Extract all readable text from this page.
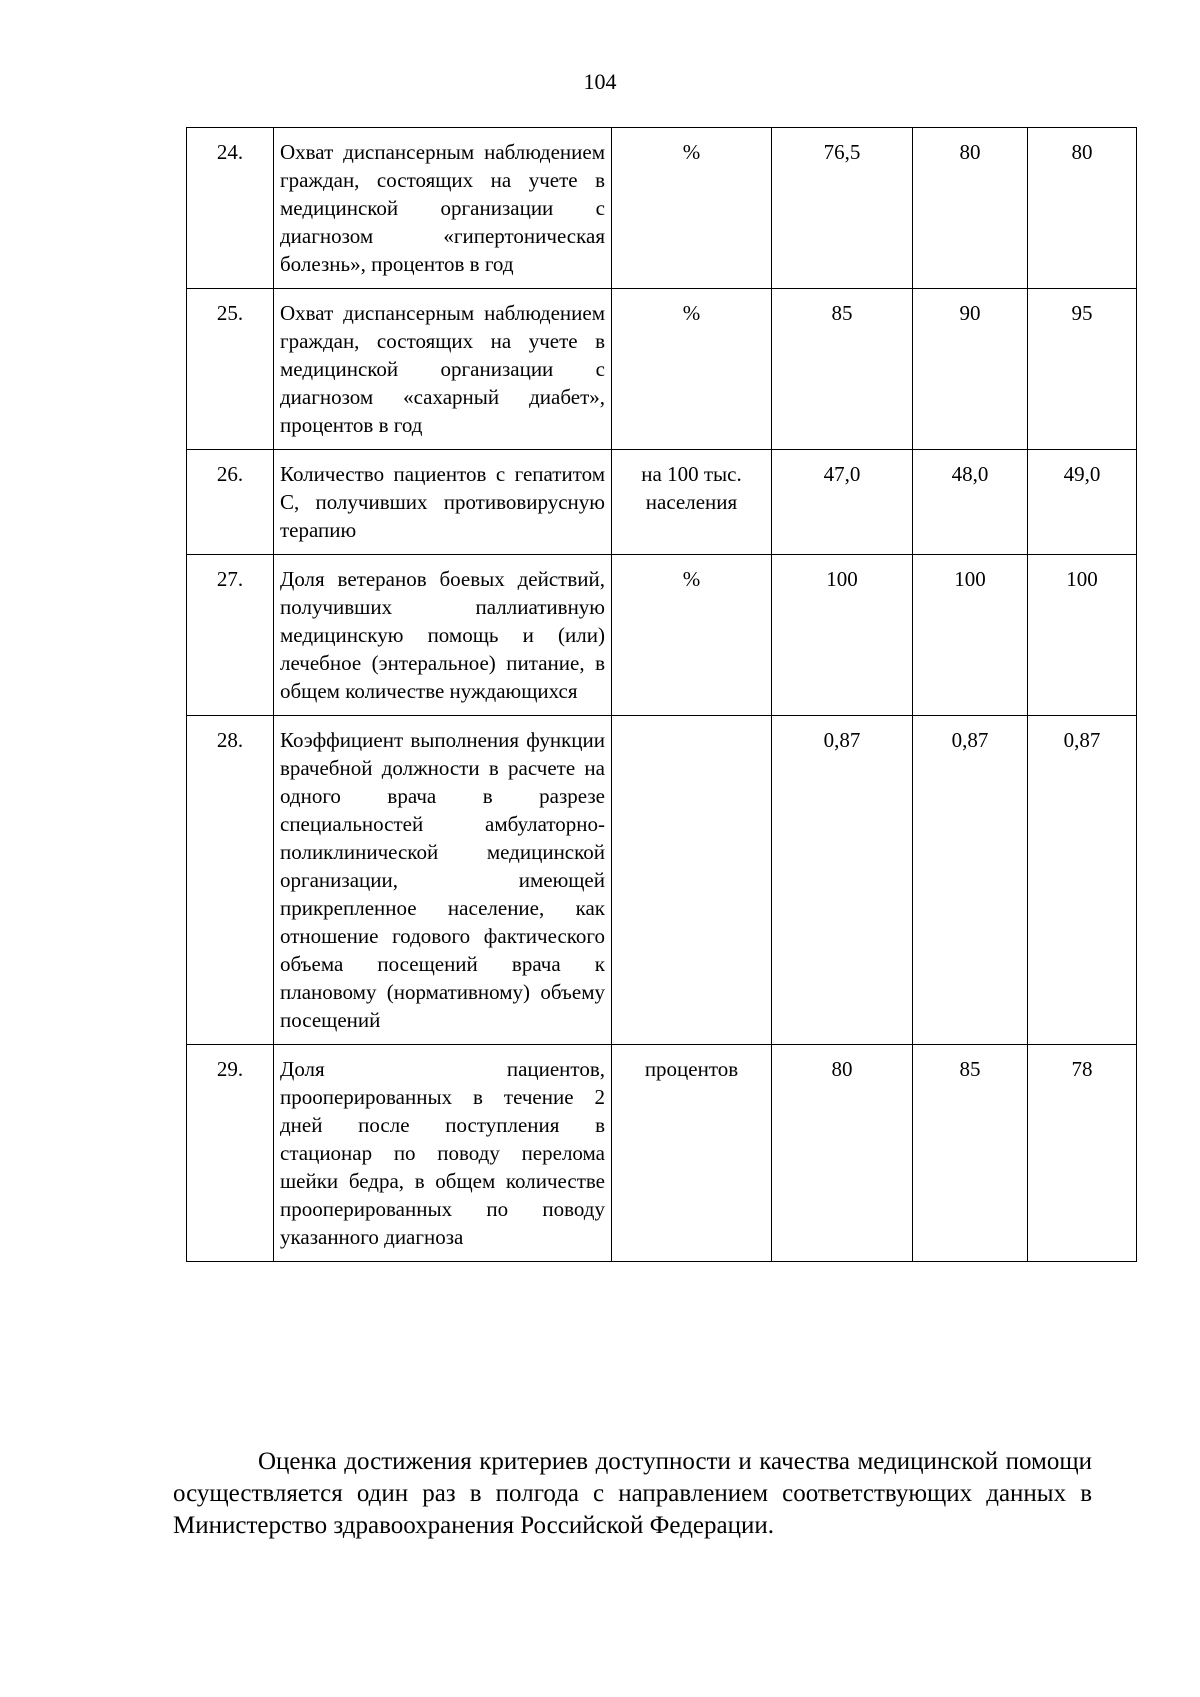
104
24.	Охват диспансерным наблюдением граждан, состоящих на учете в медицинской организации с диагнозом «гипертоническая болезнь», процентов в год	%	76,5	80	80
25.	Охват диспансерным наблюдением граждан, состоящих на учете в медицинской организации с диагнозом «сахарный диабет», процентов в год	%	85	90	95
26.	Количество пациентов с гепатитом С, получивших противовирусную терапию	на 100 тыс. населения	47,0	48,0	49,0
27.	Доля ветеранов боевых действий, получивших паллиативную медицинскую помощь и (или) лечебное (энтеральное) питание, в общем количестве нуждающихся	%	100	100	100
28.	Коэффициент выполнения функции врачебной должности в расчете на одного врача в разрезе специальностей амбулаторно-поликлинической медицинской организации, имеющей прикрепленное население, как отношение годового фактического объема посещений врача к плановому (нормативному) объему посещений		0,87	0,87	0,87
29.	Доля пациентов, прооперированных в течение 2 дней после поступления в стационар по поводу перелома шейки бедра, в общем количестве прооперированных по поводу указанного диагноза	процентов	80	85	78

Оценка достижения критериев доступности и качества медицинской помощи осуществляется один раз в полгода с направлением соответствующих данных в Министерство здравоохранения Российской Федерации.
